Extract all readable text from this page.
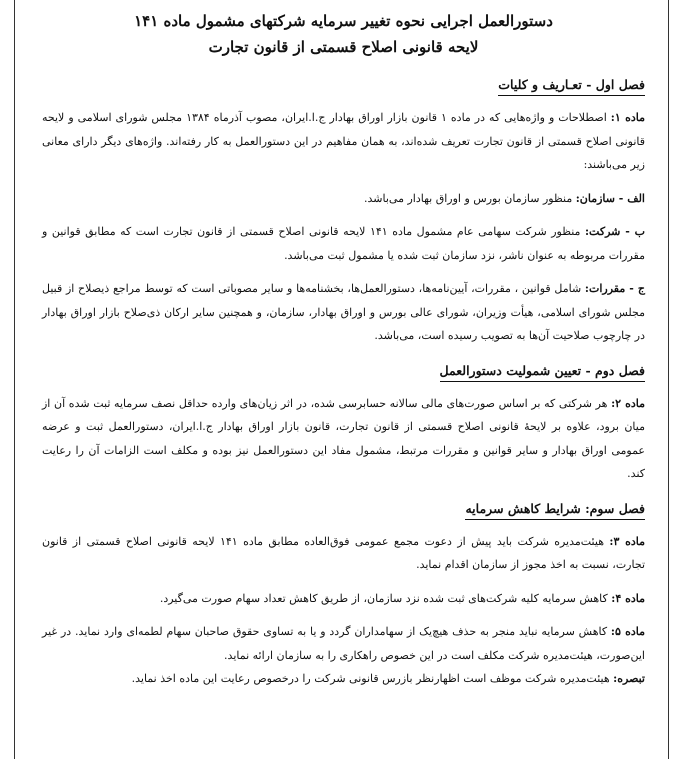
دستورالعمل اجرایی نحوه تغییر سرمایه شرکتهای مشمول ماده ۱۴۱

لایحه قانونی اصلاح قسمتی از قانون تجارت

فصل اول - تعـاریف و کلیات

ماده ۱: اصطلاحات و واژه‌هایی که در ماده ۱ قانون بازار اوراق بهادار ج.ا.ایران، مصوب آذرماه ۱۳۸۴ مجلس شورای اسلامی و لایحه قانونی اصلاح قسمتی از قانون تجارت تعریف شده‌اند، به همان مفاهیم در این دستورالعمل به کار رفته‌اند. واژه‌های دیگر دارای معانی زیر می‌باشند:

الف - سازمان: منظور سازمان بورس و اوراق بهادار می‌باشد.

ب - شرکت: منظور شرکت سهامی عام مشمول ماده ۱۴۱ لایحه قانونی اصلاح قسمتی از قانون تجارت است که مطابق قوانین و مقررات مربوطه به عنوان ناشر، نزد سازمان ثبت شده یا مشمول ثبت می‌باشد.

ج - مقررات: شامل قوانین ، مقررات، آیین‌نامه‌ها، دستورالعمل‌ها، بخشنامه‌ها و سایر مصوباتی است که توسط مراجع ذیصلاح از قبیل مجلس شورای اسلامی، هیأت وزیران، شورای عالی بورس و اوراق بهادار، سازمان، و همچنین سایر ارکان ذی‌صلاح بازار اوراق بهادار در چارچوب صلاحیت آن‌ها به تصویب رسیده است، می‌باشد.

فصل دوم - تعیین شمولیت دستورالعمل

ماده ۲: هر شرکتی که بر اساس صورت‌های مالی سالانه حسابرسی شده، در اثر زیان‌های وارده حداقل نصف سرمایه ثبت شده آن از میان برود، علاوه بر لایحهٔ قانونی اصلاح قسمتی از قانون تجارت، قانون بازار اوراق بهادار ج.ا.ایران، دستورالعمل ثبت و عرضه عمومی اوراق بهادار و سایر قوانین و مقررات مرتبط، مشمول مفاد این دستورالعمل نیز بوده و مکلف است الزامات آن را رعایت کند.

فصل سوم: شرایط کاهش سرمایه

ماده ۳: هیئت‌مدیره شرکت باید پیش از دعوت مجمع عمومی فوق‌العاده مطابق ماده ۱۴۱ لایحه قانونی اصلاح قسمتی از قانون تجارت، نسبت به اخذ مجوز از سازمان اقدام نماید.

ماده ۴: کاهش سرمایه کلیه شرکت‌های ثبت شده نزد سازمان، از طریق کاهش تعداد سهام صورت می‌گیرد.

ماده ۵: کاهش سرمایه نباید منجر به حذف هیچ‌یک از سهامداران گردد و یا به تساوی حقوق صاحبان سهام لطمه‌ای وارد نماید. در غیر این‌صورت، هیئت‌مدیره شرکت مکلف است در این خصوص راهکاری را به سازمان ارائه نماید.

تبصره: هیئت‌مدیره شرکت موظف است اظهارنظر بازرس قانونی شرکت را درخصوص رعایت این ماده اخذ نماید.
